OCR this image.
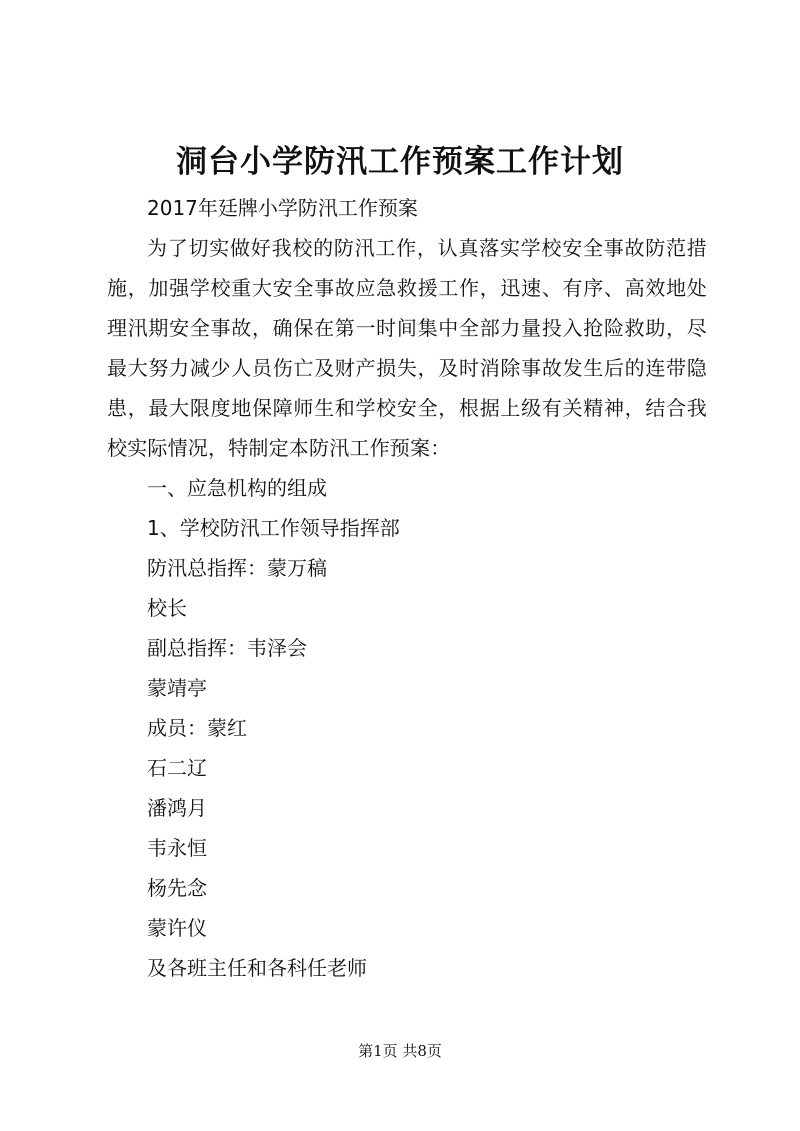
洞台小学防汛工作预案工作计划

2017年廷牌小学防汛工作预案

为了切实做好我校的防汛工作，认真落实学校安全事故防范措施，加强学校重大安全事故应急救援工作，迅速、有序、高效地处理汛期安全事故，确保在第一时间集中全部力量投入抢险救助，尽最大努力减少人员伤亡及财产损失，及时消除事故发生后的连带隐患，最大限度地保障师生和学校安全，根据上级有关精神，结合我校实际情况，特制定本防汛工作预案：

一、应急机构的组成

1、学校防汛工作领导指挥部

防汛总指挥：蒙万稿

校长

副总指挥：韦泽会

蒙靖亭

成员：蒙红

石二辽

潘鸿月

韦永恒

杨先念

蒙许仪

及各班主任和各科任老师

第1页 共8页
